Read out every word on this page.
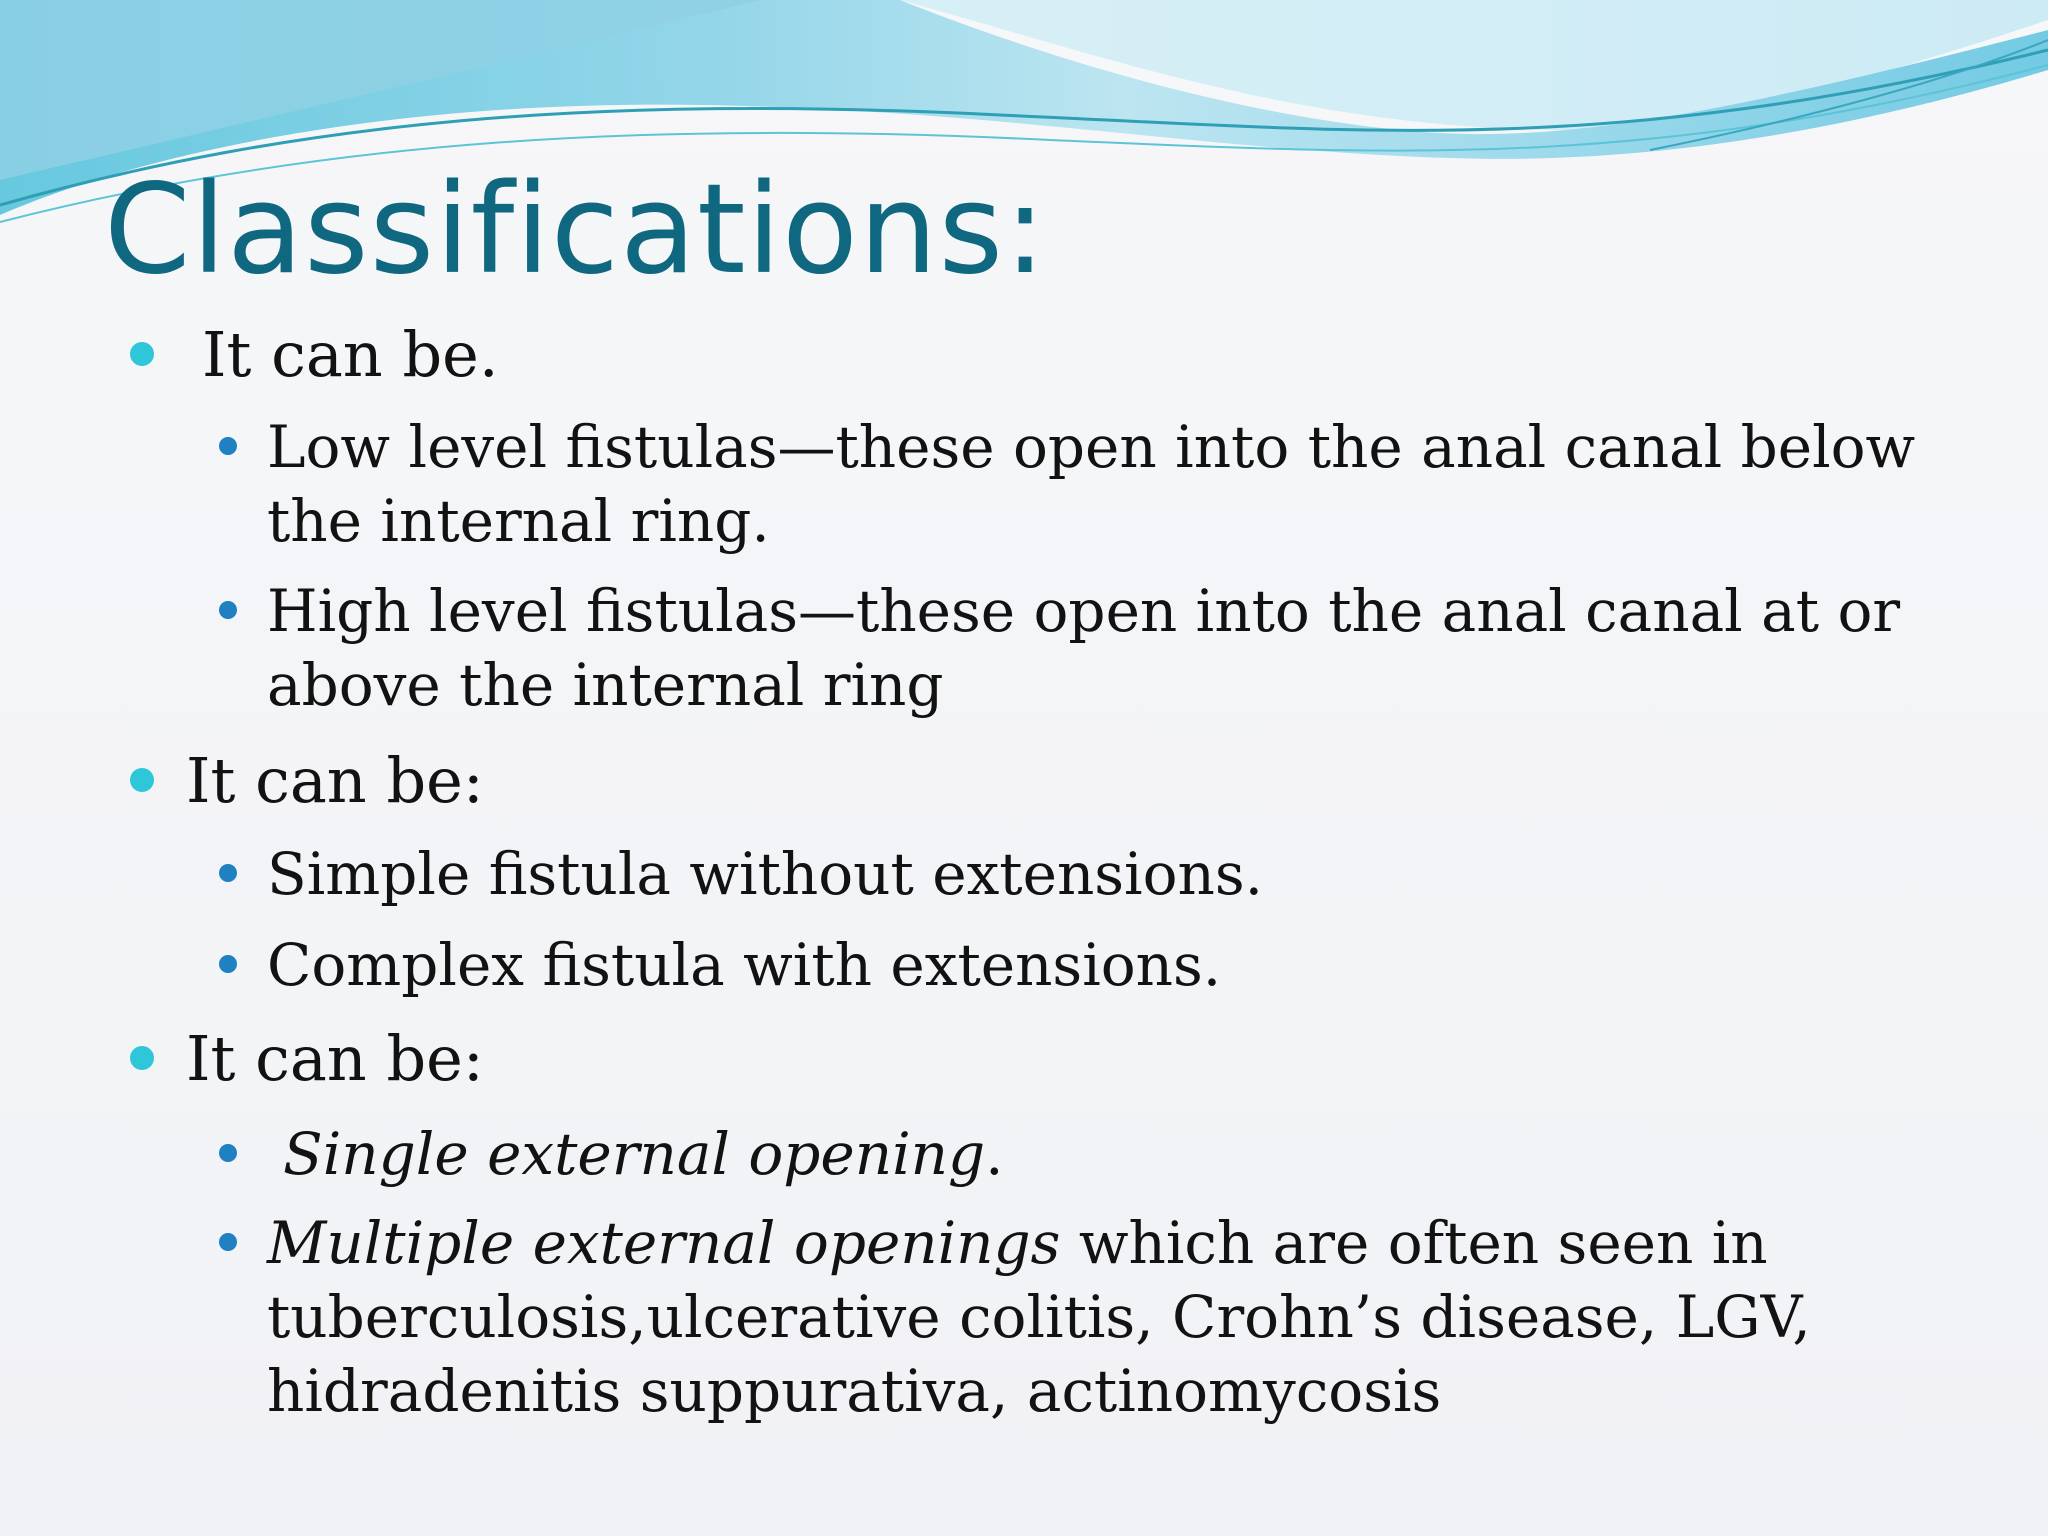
Classifications:
It can be.
Low level fistulas—these open into the anal canal below
the internal ring.
High level fistulas—these open into the anal canal at or
above the internal ring
It can be:
Simple fistula without extensions.
Complex fistula with extensions.
It can be:
Single external opening.
Multiple external openings which are often seen in
tuberculosis,ulcerative colitis, Crohn’s disease, LGV,
hidradenitis suppurativa, actinomycosis
